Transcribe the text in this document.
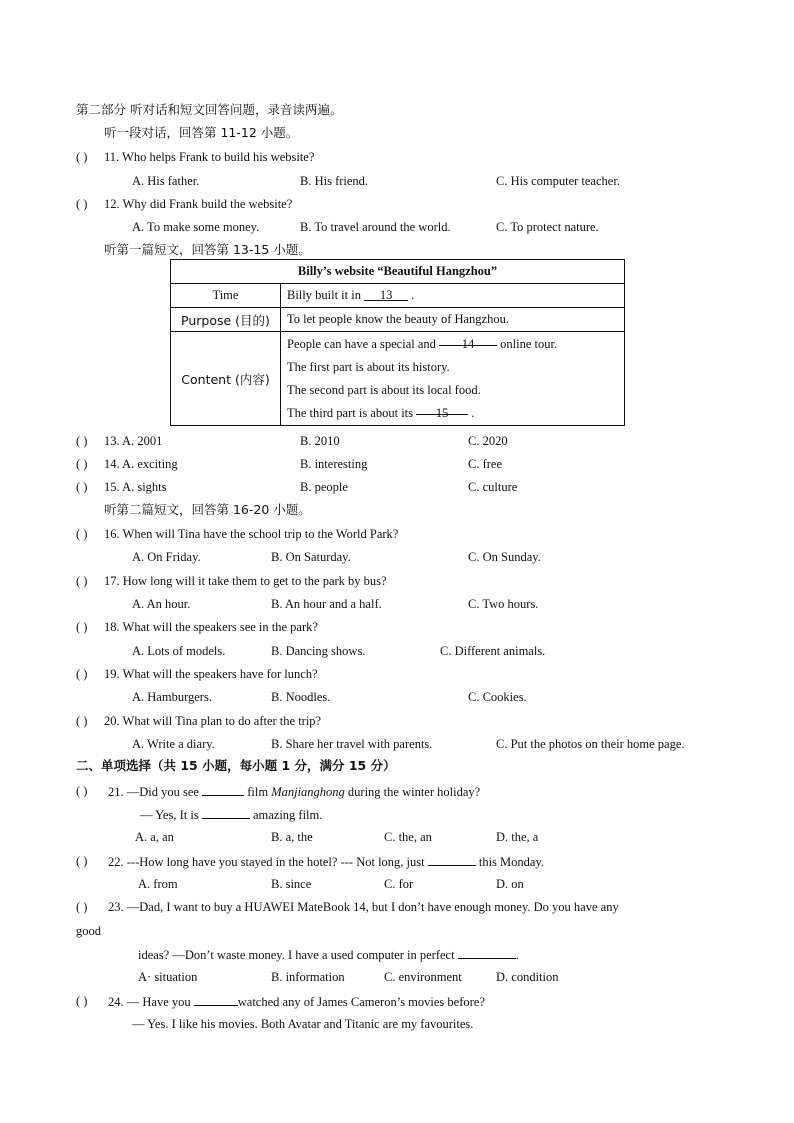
第二部分 听对话和短文回答问题，录音读两遍。
听一段对话，回答第 11-12 小题。
( ) 11. Who helps Frank to build his website?
A. His father.	B. His friend.	C. His computer teacher.
( ) 12. Why did Frank build the website?
A. To make some money.	B. To travel around the world.	C. To protect nature.
听第一篇短文，回答第 13-15 小题。
Billy’s website “Beautiful Hangzhou”	
Time	Billy built it in 13 .
Purpose (目的)	To let people know the beauty of Hangzhou.
Content (内容)	People can have a special and 14 online tour.
The first part is about its history.
The second part is about its local food.
The third part is about its 15 .
( ) 13. A. 2001	B. 2010	C. 2020
( ) 14. A. exciting	B. interesting	C. free
( ) 15. A. sights	B. people	C. culture
听第二篇短文，回答第 16-20 小题。
( ) 16. When will Tina have the school trip to the World Park?
A. On Friday.	B. On Saturday.	C. On Sunday.
( ) 17. How long will it take them to get to the park by bus?
A. An hour.	B. An hour and a half.	C. Two hours.
( ) 18. What will the speakers see in the park?
A. Lots of models.	B. Dancing shows.	C. Different animals.
( ) 19. What will the speakers have for lunch?
A. Hamburgers.	B. Noodles.	C. Cookies.
( ) 20. What will Tina plan to do after the trip?
A. Write a diary.	B. Share her travel with parents.	C. Put the photos on their home page.
二、单项选择（共 15 小题，每小题 1 分，满分 15 分）
( ) 21. —Did you see	film Manjianghong during the winter holiday?
— Yes, It is	amazing film.
A. a, an	B. a, the	C. the, an	D. the, a
( ) 22. ---How long have you stayed in the hotel? --- Not long, just	this Monday.
A. from	B. since	C. for	D. on
( ) 23. —Dad, I want to buy a HUAWEI MateBook 14, but I don’t have enough money. Do you have any
good
ideas? —Don’t waste money. I have a used computer in perfect	.
A· situation	B. information	C. environment	D. condition
( ) 24. — Have you	watched any of James Cameron’s movies before?
— Yes. I like his movies. Both Avatar and Titanic are my favourites.
